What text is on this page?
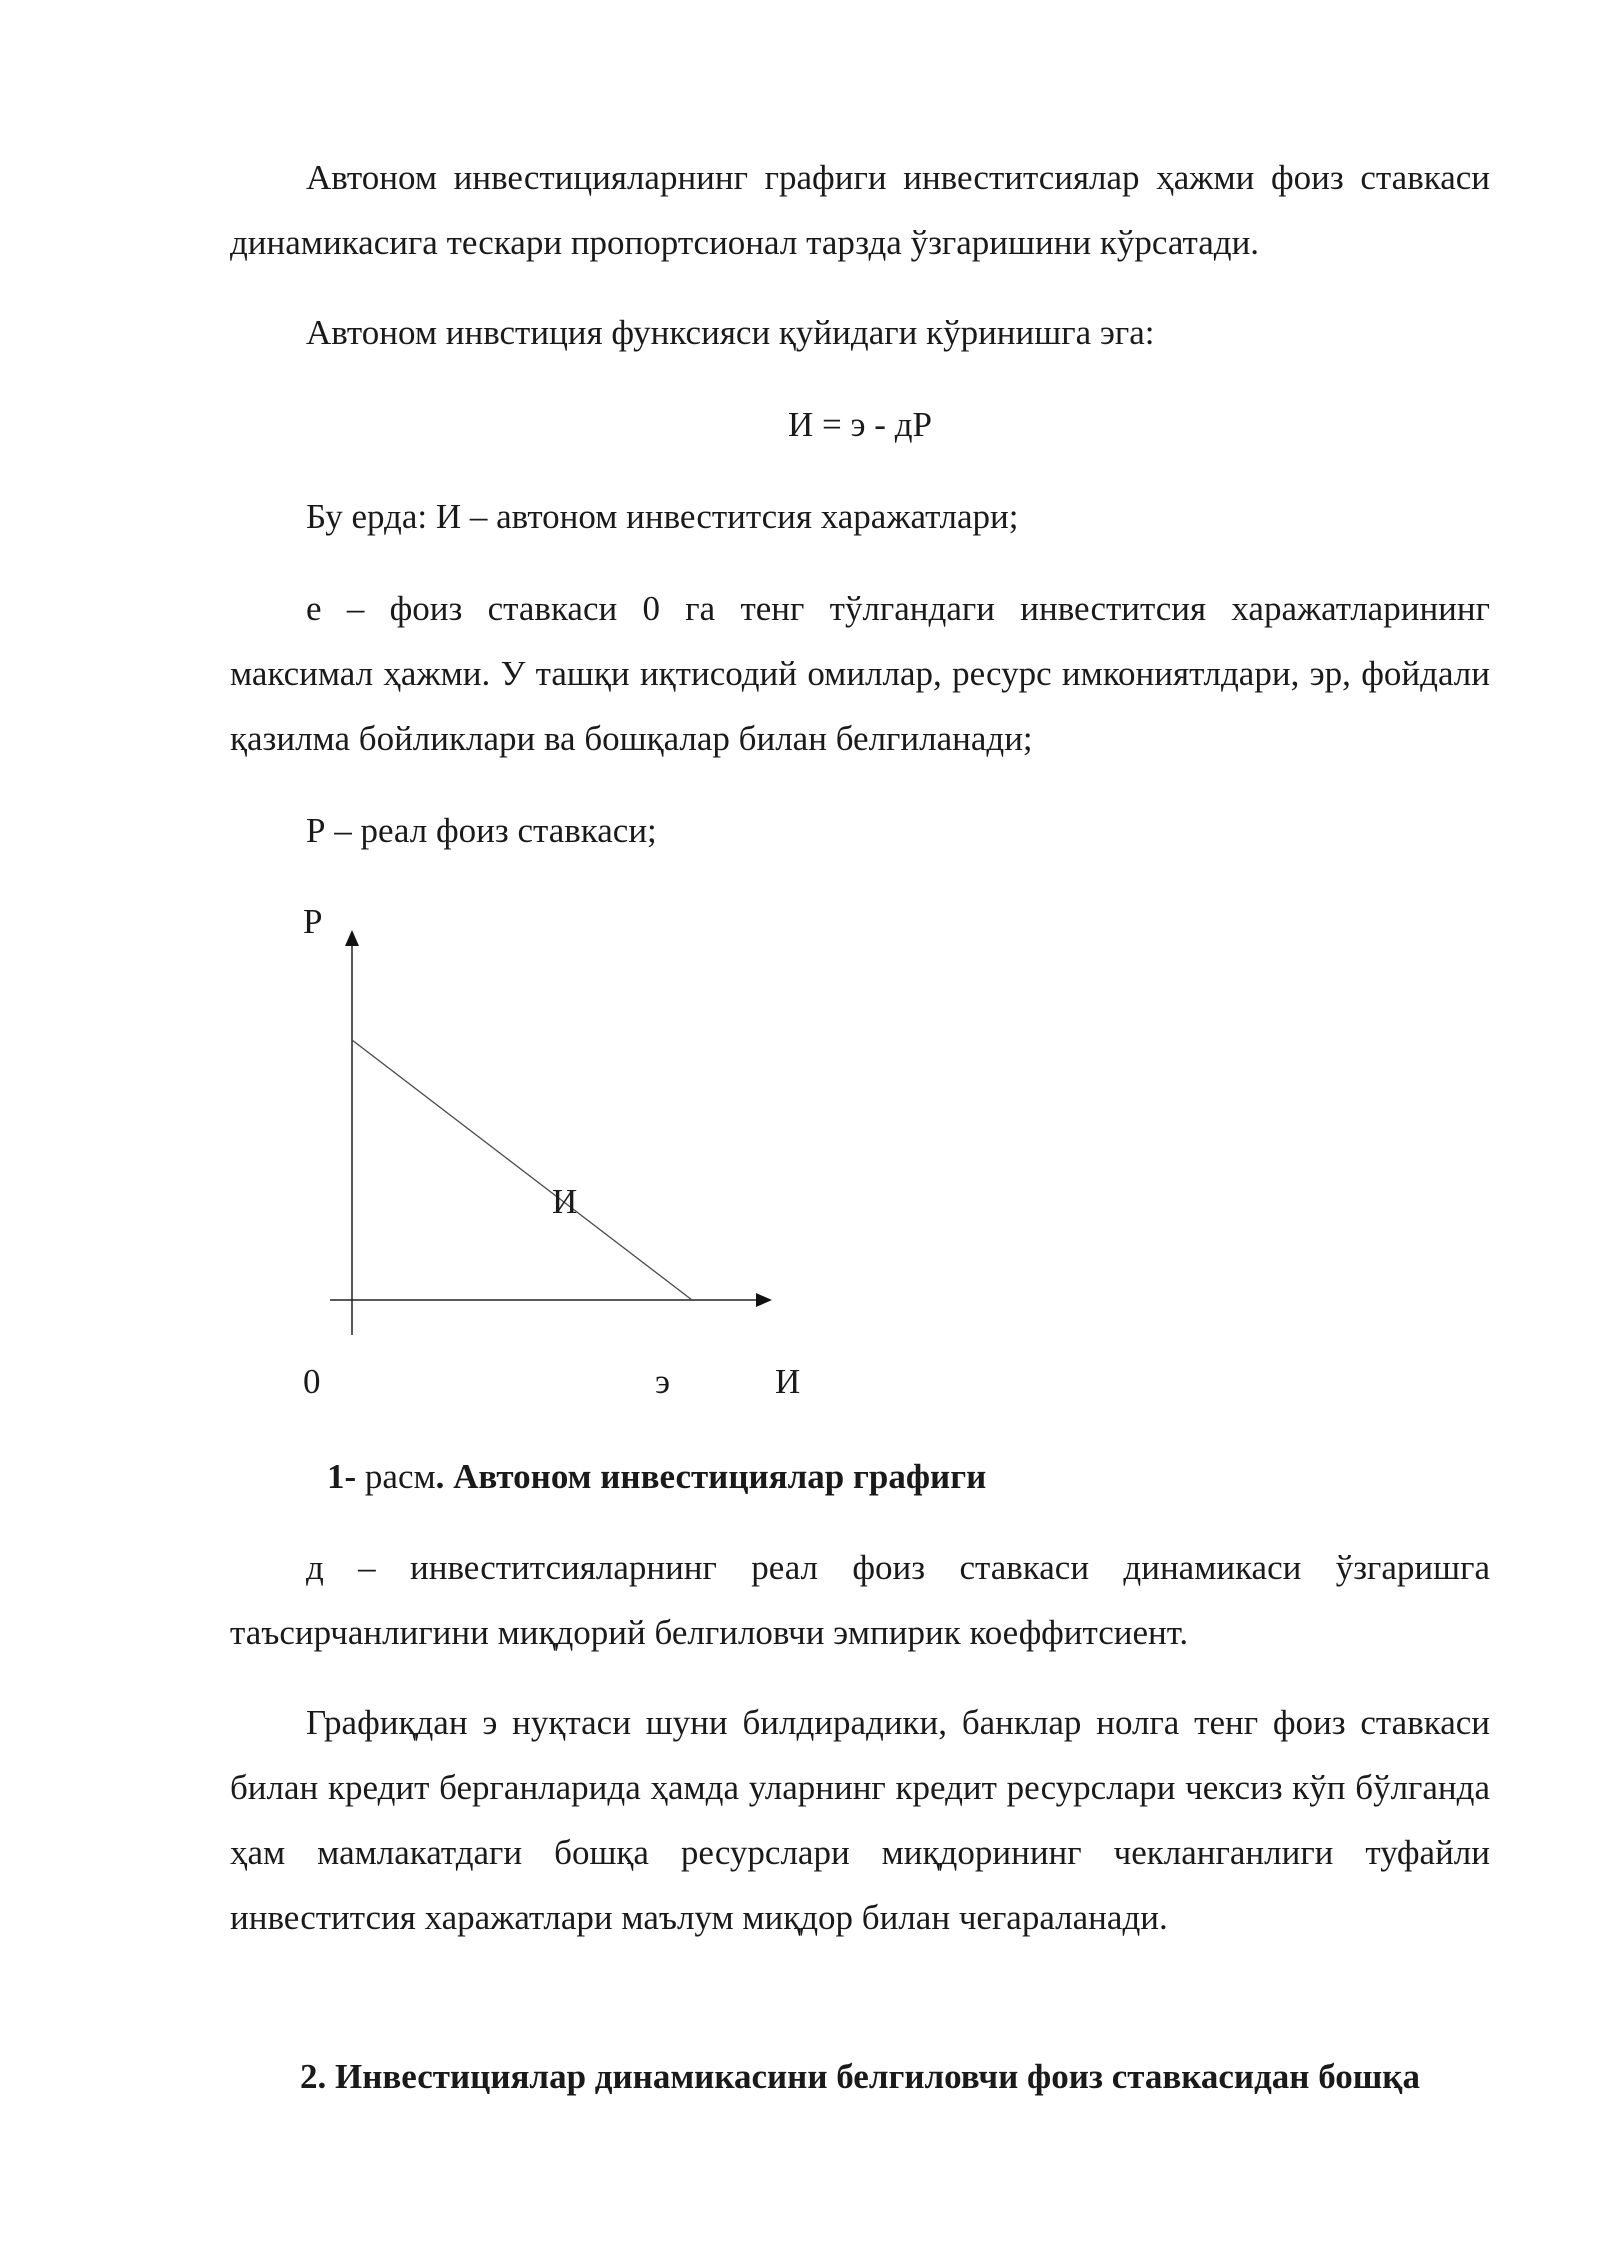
Автоном инвестицияларнинг графиги инвеститсиялар ҳажми фоиз ставкаси динамикасига тескари пропортсионал тарзда ўзгаришини кўрсатади.

Автоном инвстиция функсияси қуйидаги кўринишга эга:

И = э - дР

Бу ерда: И – автоном инвеститсия харажатлари;

е – фоиз ставкаси 0 га тенг тўлгандаги инвеститсия харажатларининг максимал ҳажми. У ташқи иқтисодий омиллар, ресурс имкониятлдари, эр, фойдали қазилма бойликлари ва бошқалар билан белгиланади;

Р – реал фоиз ставкаси;

Р
И
0	э	И
1- расм. Автоном инвестициялар графиги

д – инвеститсияларнинг реал фоиз ставкаси динамикаси ўзгаришга таъсирчанлигини миқдорий белгиловчи эмпирик коеффитсиент.

Графиқдан э нуқтаси шуни билдирадики, банклар нолга тенг фоиз ставкаси билан кредит берганларида ҳамда уларнинг кредит ресурслари чексиз кўп бўлганда ҳам мамлакатдаги бошқа ресурслари миқдорининг чекланганлиги туфайли инвеститсия харажатлари маълум миқдор билан чегараланади.

2. Инвестициялар динамикасини белгиловчи фоиз ставкасидан бошқа
